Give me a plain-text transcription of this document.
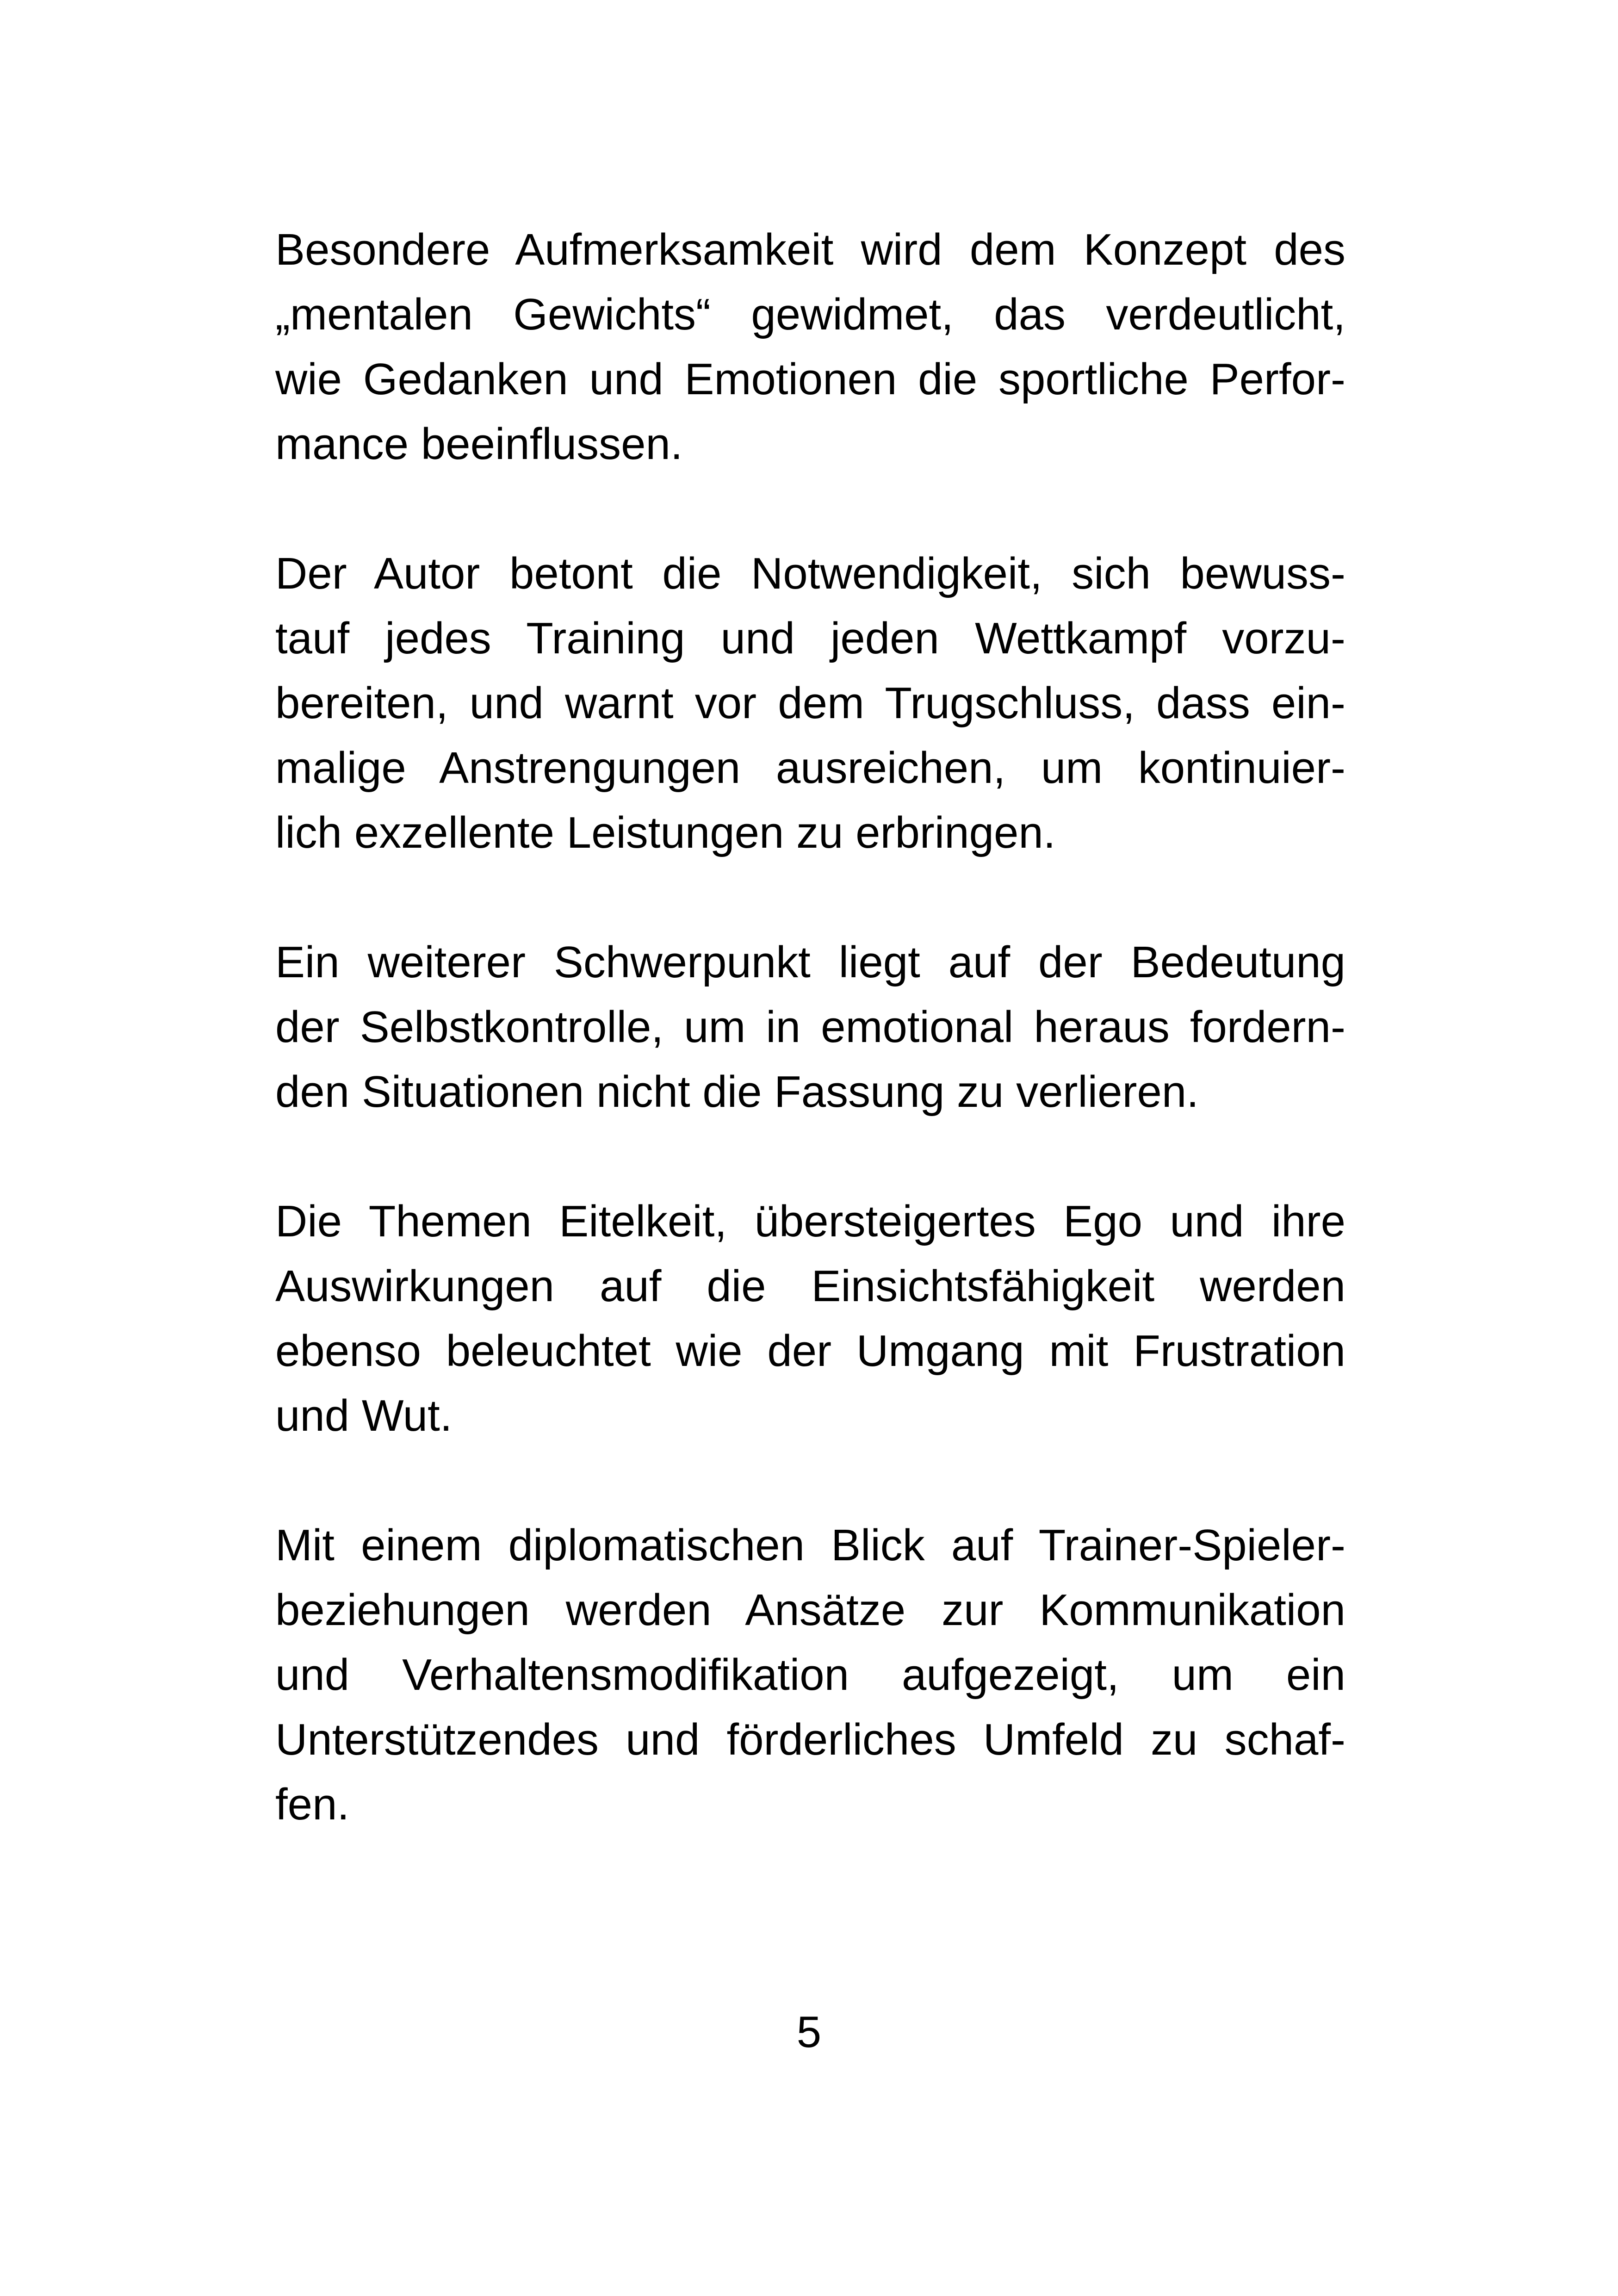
Besondere Aufmerksamkeit wird dem Konzept des
„mentalen Gewichts“ gewidmet, das verdeutlicht,
wie Gedanken und Emotionen die sportliche Perfor-
mance beeinflussen.
Der Autor betont die Notwendigkeit, sich bewuss-
tauf jedes Training und jeden Wettkampf vorzu-
bereiten, und warnt vor dem Trugschluss, dass ein-
malige Anstrengungen ausreichen, um kontinuier-
lich exzellente Leistungen zu erbringen.
Ein weiterer Schwerpunkt liegt auf der Bedeutung
der Selbstkontrolle, um in emotional heraus fordern-
den Situationen nicht die Fassung zu verlieren.
Die Themen Eitelkeit, übersteigertes Ego und ihre
Auswirkungen auf die Einsichtsfähigkeit werden
ebenso beleuchtet wie der Umgang mit Frustration
und Wut.
Mit einem diplomatischen Blick auf Trainer-Spieler-
beziehungen werden Ansätze zur Kommunikation
und Verhaltensmodifikation aufgezeigt, um ein
Unterstützendes und förderliches Umfeld zu schaf-
fen.
5
